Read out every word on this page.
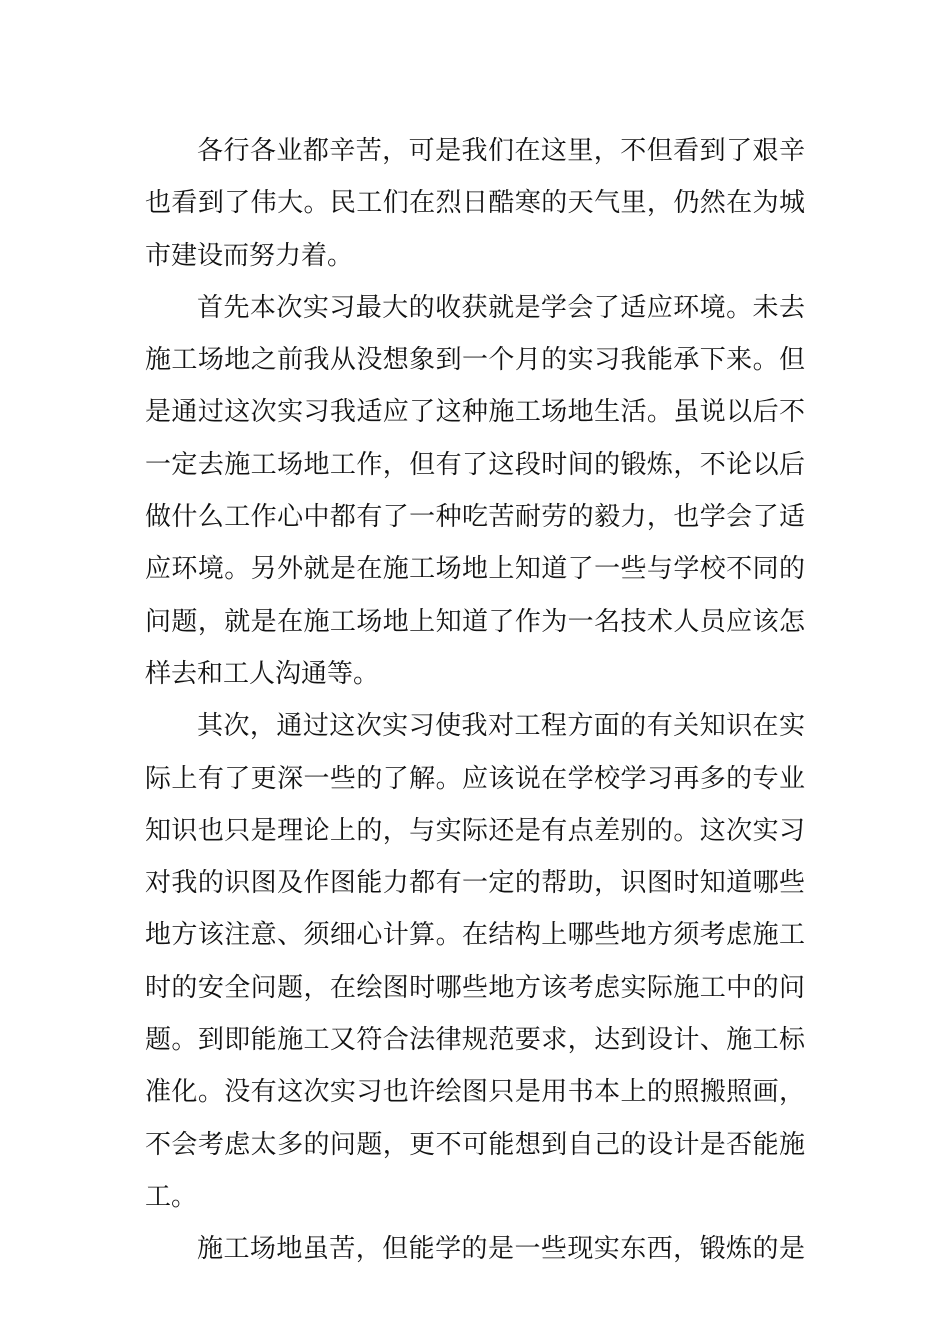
各行各业都辛苦，可是我们在这里，不但看到了艰辛
也看到了伟大。民工们在烈日酷寒的天气里，仍然在为城
市建设而努力着。
首先本次实习最大的收获就是学会了适应环境。未去
施工场地之前我从没想象到一个月的实习我能承下来。但
是通过这次实习我适应了这种施工场地生活。虽说以后不
一定去施工场地工作，但有了这段时间的锻炼，不论以后
做什么工作心中都有了一种吃苦耐劳的毅力，也学会了适
应环境。另外就是在施工场地上知道了一些与学校不同的
问题，就是在施工场地上知道了作为一名技术人员应该怎
样去和工人沟通等。
其次，通过这次实习使我对工程方面的有关知识在实
际上有了更深一些的了解。应该说在学校学习再多的专业
知识也只是理论上的，与实际还是有点差别的。这次实习
对我的识图及作图能力都有一定的帮助，识图时知道哪些
地方该注意、须细心计算。在结构上哪些地方须考虑施工
时的安全问题，在绘图时哪些地方该考虑实际施工中的问
题。到即能施工又符合法律规范要求，达到设计、施工标
准化。没有这次实习也许绘图只是用书本上的照搬照画，
不会考虑太多的问题，更不可能想到自己的设计是否能施
工。
施工场地虽苦，但能学的是一些现实东西，锻炼的是
